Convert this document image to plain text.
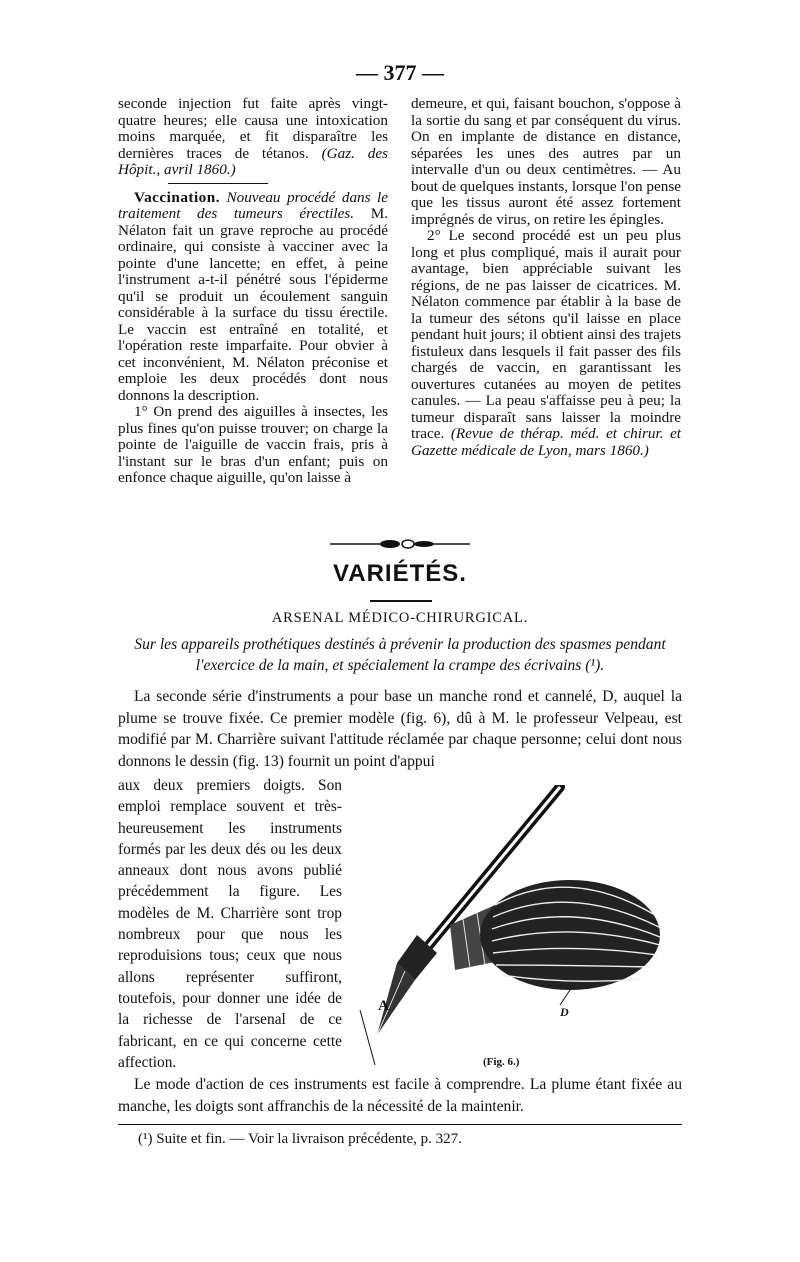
— 377 —

seconde injection fut faite après vingt-quatre heures; elle causa une intoxication moins marquée, et fit disparaître les dernières traces de tétanos. (Gaz. des Hôpit., avril 1860.)

Vaccination. Nouveau procédé dans le traitement des tumeurs érectiles. M. Nélaton fait un grave reproche au procédé ordinaire, qui consiste à vacciner avec la pointe d'une lancette; en effet, à peine l'instrument a-t-il pénétré sous l'épiderme qu'il se produit un écoulement sanguin considérable à la surface du tissu érectile. Le vaccin est entraîné en totalité, et l'opération reste imparfaite. Pour obvier à cet inconvénient, M. Nélaton préconise et emploie les deux procédés dont nous donnons la description.

1° On prend des aiguilles à insectes, les plus fines qu'on puisse trouver; on charge la pointe de l'aiguille de vaccin frais, pris à l'instant sur le bras d'un enfant; puis on enfonce chaque aiguille, qu'on laisse à

demeure, et qui, faisant bouchon, s'oppose à la sortie du sang et par conséquent du virus. On en implante de distance en distance, séparées les unes des autres par un intervalle d'un ou deux centimètres. — Au bout de quelques instants, lorsque l'on pense que les tissus auront été assez fortement imprégnés de virus, on retire les épingles.

2° Le second procédé est un peu plus long et plus compliqué, mais il aurait pour avantage, bien appréciable suivant les régions, de ne pas laisser de cicatrices. M. Nélaton commence par établir à la base de la tumeur des sétons qu'il laisse en place pendant huit jours; il obtient ainsi des trajets fistuleux dans lesquels il fait passer des fils chargés de vaccin, en garantissant les ouvertures cutanées au moyen de petites canules. — La peau s'affaisse peu à peu; la tumeur disparaît sans laisser la moindre trace. (Revue de thérap. méd. et chirur. et Gazette médicale de Lyon, mars 1860.)

VARIÉTÉS.
ARSENAL MÉDICO-CHIRURGICAL.
Sur les appareils prothétiques destinés à prévenir la production des spasmes pendant l'exercice de la main, et spécialement la crampe des écrivains (¹).

La seconde série d'instruments a pour base un manche rond et cannelé, D, auquel la plume se trouve fixée. Ce premier modèle (fig. 6), dû à M. le professeur Velpeau, est modifié par M. Charrière suivant l'attitude réclamée par chaque personne; celui dont nous donnons le dessin (fig. 13) fournit un point d'appui

aux deux premiers doigts. Son emploi remplace souvent et très-heureusement les instruments formés par les deux dés ou les deux anneaux dont nous avons publié précédemment la figure. Les modèles de M. Charrière sont trop nombreux pour que nous les reproduisions tous; ceux que nous allons représenter suffiront, toutefois, pour donner une idée de la richesse de l'arsenal de ce fabricant, en ce qui concerne cette affection.

A	D
(Fig. 6.)

Le mode d'action de ces instruments est facile à comprendre. La plume étant fixée au manche, les doigts sont affranchis de la nécessité de la maintenir.

(¹) Suite et fin. — Voir la livraison précédente, p. 327.
